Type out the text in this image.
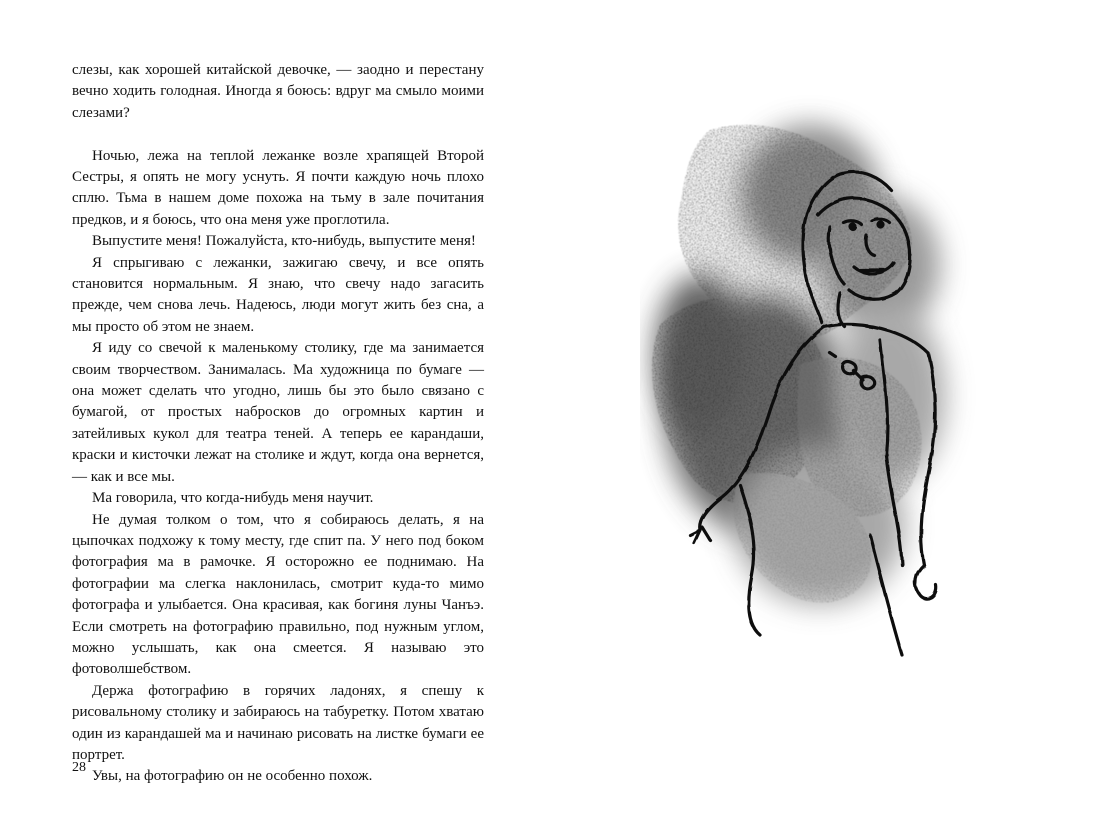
слезы, как хорошей китайской девочке, — заодно и перестану вечно ходить голодная. Иногда я боюсь: вдруг ма смыло моими слезами?

Ночью, лежа на теплой лежанке возле храпящей Второй Сестры, я опять не могу уснуть. Я почти каждую ночь плохо сплю. Тьма в нашем доме похожа на тьму в зале почитания предков, и я боюсь, что она меня уже проглотила.

Выпустите меня! Пожалуйста, кто-нибудь, выпустите меня!

Я спрыгиваю с лежанки, зажигаю свечу, и все опять становится нормальным. Я знаю, что свечу надо загасить прежде, чем снова лечь. Надеюсь, люди могут жить без сна, а мы просто об этом не знаем.

Я иду со свечой к маленькому столику, где ма занимается своим творчеством. Занималась. Ма художница по бумаге — она может сделать что угодно, лишь бы это было связано с бумагой, от простых набросков до огромных картин и затейливых кукол для театра теней. А теперь ее карандаши, краски и кисточки лежат на столике и ждут, когда она вернется, — как и все мы.

Ма говорила, что когда-нибудь меня научит.

Не думая толком о том, что я собираюсь делать, я на цыпочках подхожу к тому месту, где спит па. У него под боком фотография ма в рамочке. Я осторожно ее поднимаю. На фотографии ма слегка наклонилась, смотрит куда-то мимо фотографа и улыбается. Она красивая, как богиня луны Чанъэ. Если смотреть на фотографию правильно, под нужным углом, можно услышать, как она смеется. Я называю это фотоволшебством.

Держа фотографию в горячих ладонях, я спешу к рисовальному столику и забираюсь на табуретку. Потом хватаю один из карандашей ма и начинаю рисовать на листке бумаги ее портрет.

Увы, на фотографию он не особенно похож.

28
